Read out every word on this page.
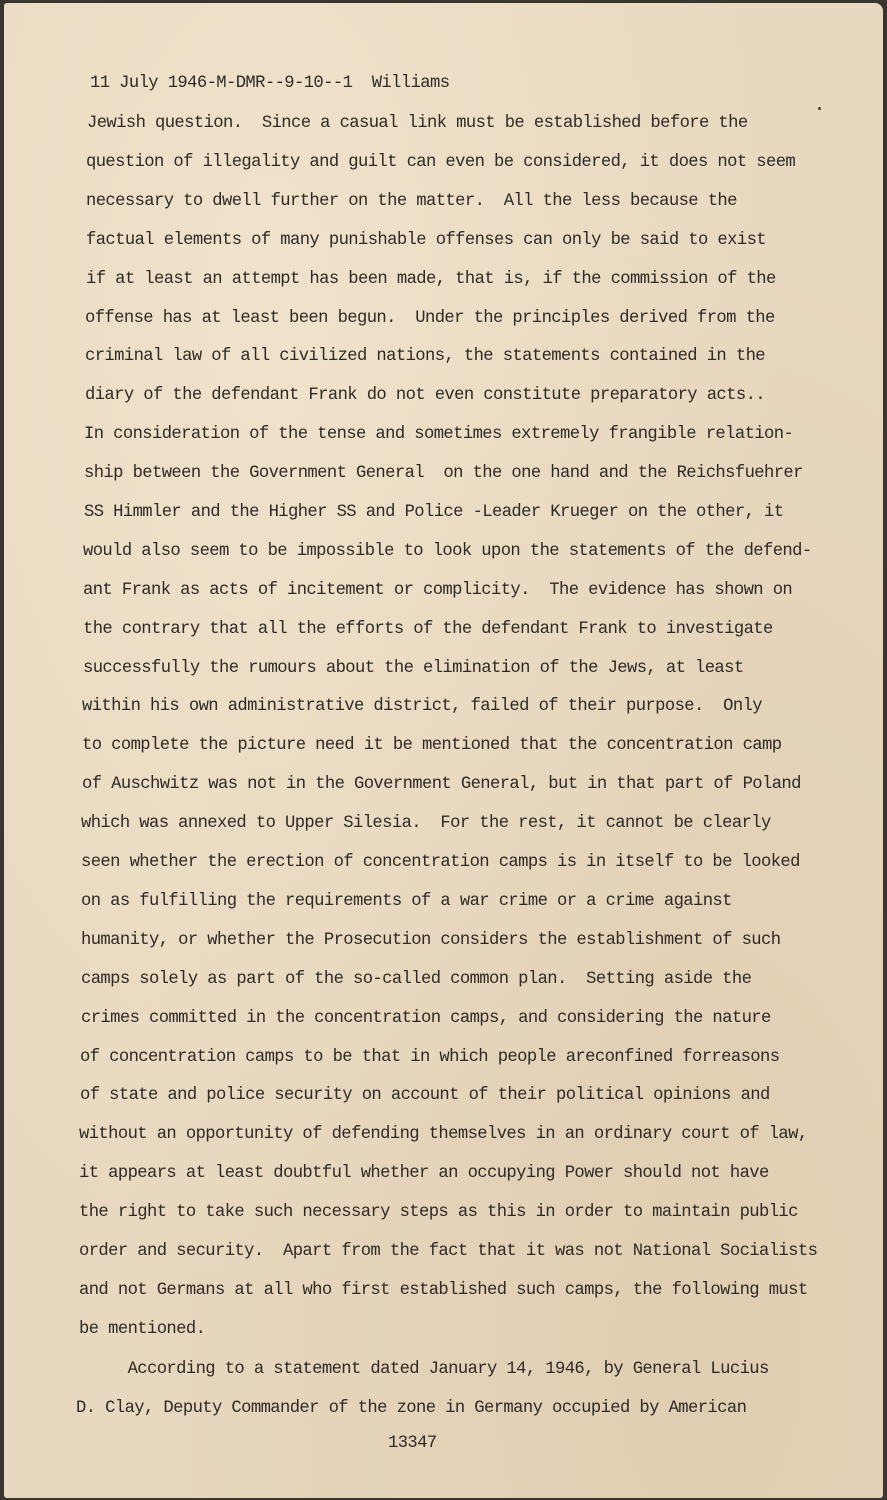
11 July 1946-M-DMR--9-10--1  Williams
Jewish question.  Since a casual link must be established before the
question of illegality and guilt can even be considered, it does not seem
necessary to dwell further on the matter.  All the less because the
factual elements of many punishable offenses can only be said to exist
if at least an attempt has been made, that is, if the commission of the
offense has at least been begun.  Under the principles derived from the
criminal law of all civilized nations, the statements contained in the
diary of the defendant Frank do not even constitute preparatory acts..
In consideration of the tense and sometimes extremely frangible relation-
ship between the Government General  on the one hand and the Reichsfuehrer
SS Himmler and the Higher SS and Police -Leader Krueger on the other, it
would also seem to be impossible to look upon the statements of the defend-
ant Frank as acts of incitement or complicity.  The evidence has shown on
the contrary that all the efforts of the defendant Frank to investigate
successfully the rumours about the elimination of the Jews, at least
within his own administrative district, failed of their purpose.  Only
to complete the picture need it be mentioned that the concentration camp
of Auschwitz was not in the Government General, but in that part of Poland
which was annexed to Upper Silesia.  For the rest, it cannot be clearly
seen whether the erection of concentration camps is in itself to be looked
on as fulfilling the requirements of a war crime or a crime against
humanity, or whether the Prosecution considers the establishment of such
camps solely as part of the so-called common plan.  Setting aside the
crimes committed in the concentration camps, and considering the nature
of concentration camps to be that in which people areconfined forreasons
of state and police security on account of their political opinions and
without an opportunity of defending themselves in an ordinary court of law,
it appears at least doubtful whether an occupying Power should not have
the right to take such necessary steps as this in order to maintain public
order and security.  Apart from the fact that it was not National Socialists
and not Germans at all who first established such camps, the following must
be mentioned.
According to a statement dated January 14, 1946, by General Lucius
D. Clay, Deputy Commander of the zone in Germany occupied by American
13347
